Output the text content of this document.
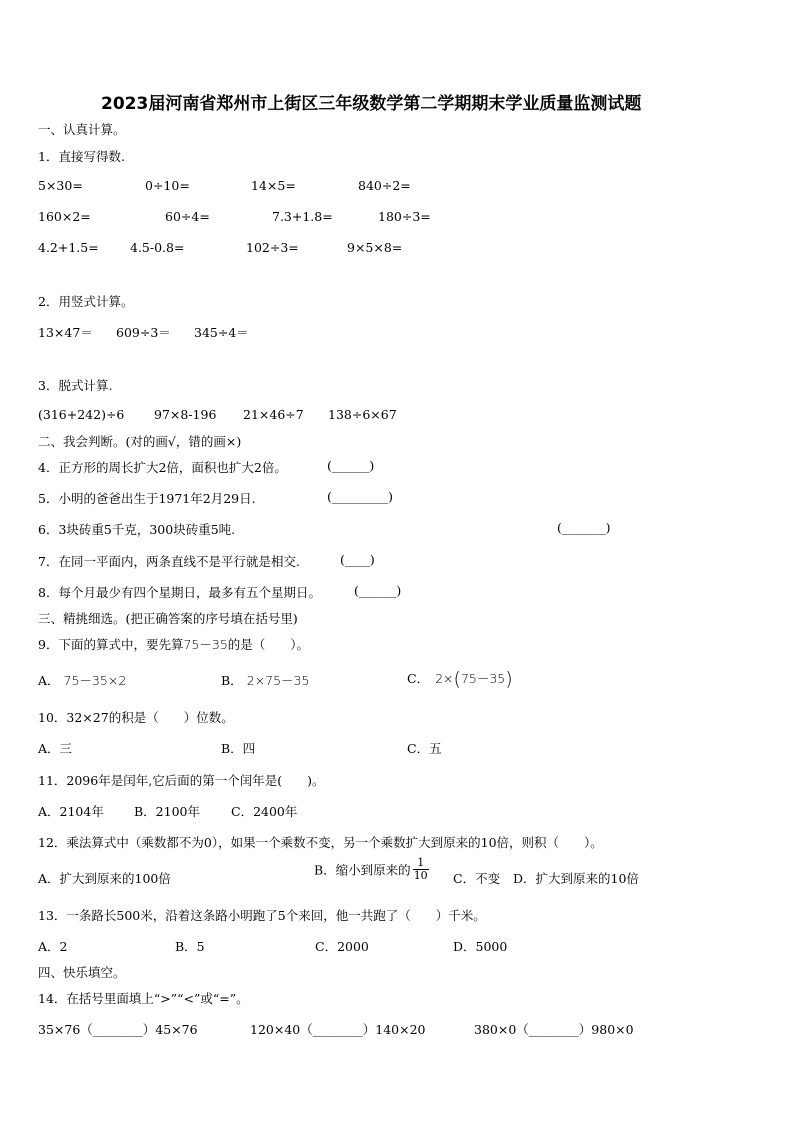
2023届河南省郑州市上街区三年级数学第二学期期末学业质量监测试题
一、认真计算。
1．直接写得数.
5×30=	0÷10=	14×5=	840÷2=
160×2=	60÷4=	7.3+1.8=	180÷3=
4.2+1.5=	4.5-0.8=	102÷3=	9×5×8=
2．用竖式计算。
13×47＝ 609÷3＝ 345÷4＝
3．脱式计算.
(316+242)÷6 97×8-196 21×46÷7 138÷6×67
二、我会判断。(对的画√，错的画×)
4．正方形的周长扩大2倍，面积也扩大2倍。	(______)
5．小明的爸爸出生于1971年2月29日.	(_________)
6．3块砖重5千克，300块砖重5吨.	(_______)
7．在同一平面内，两条直线不是平行就是相交.	(____)
8．每个月最少有四个星期日，最多有五个星期日。	(______)
三、精挑细选。(把正确答案的序号填在括号里)
9．下面的算式中，要先算75－35的是（　　）。
A． 75－35×2	B． 2×75－35	C． 2×(75－35)
10．32×27的积是（　　）位数。
A．三	B．四	C．五
11．2096年是闰年,它后面的第一个闰年是(　　)。
A．2104年 B．2100年 C．2400年
12．乘法算式中（乘数都不为0），如果一个乘数不变，另一个乘数扩大到原来的10倍，则积（　　）。
A．扩大到原来的100倍
B．缩小到原来的 $\frac{1}{10}$ C．不变 D．扩大到原来的10倍
13．一条路长500米，沿着这条路小明跑了5个来回，他一共跑了（　　）千米。
A．2	B．5	C．2000	D．5000
四、快乐填空。
14．在括号里面填上“>”“<”或“=”。
35×76（________）45×76	120×40（________）140×20	380×0（________）980×0
